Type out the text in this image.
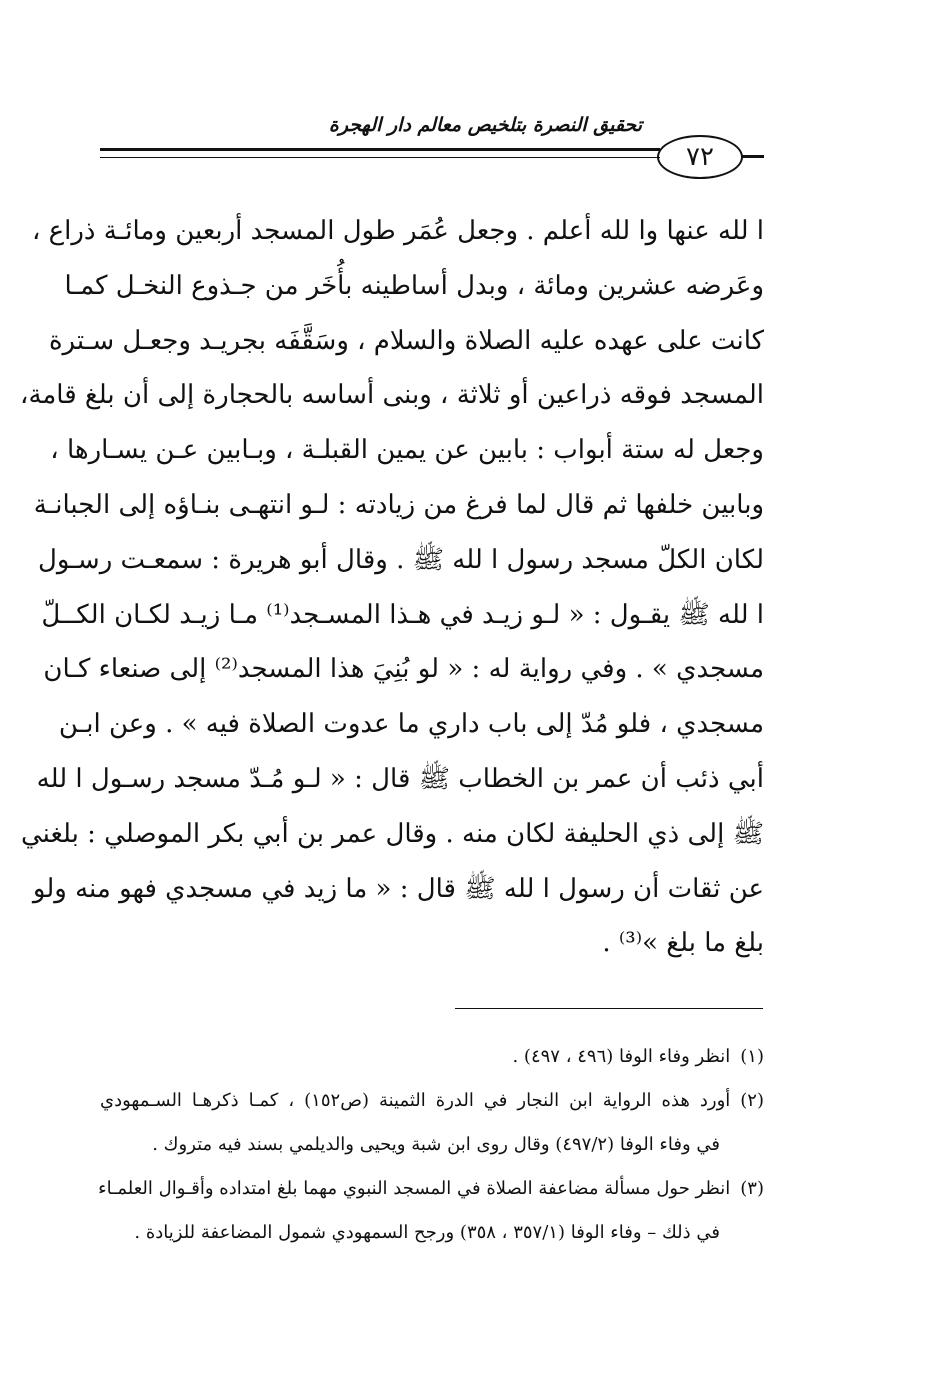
تحقيق النصرة بتلخيص معالم دار الهجرة
٧٢
ا لله عنها وا لله أعلم . وجعل عُمَر طول المسجد أربعين ومائـة ذراع ،
وعَرضه عشرين ومائة ، وبدل أساطينه بأُخَر من جـذوع النخـل كمـا
كانت على عهده عليه الصلاة والسلام ، وسَقَّفَه بجريـد وجعـل سـترة
المسجد فوقه ذراعين أو ثلاثة ، وبنى أساسه بالحجارة إلى أن بلغ قامة،
وجعل له ستة أبواب : بابين عن يمين القبلـة ، وبـابين عـن يسـارها ،
وبابين خلفها ثم قال لما فرغ من زيادته : لـو انتهـى بنـاؤه إلى الجبانـة
لكان الكلّ مسجد رسول ا لله ﷺ . وقال أبو هريرة : سمعـت رسـول
ا لله ﷺ يقـول : « لـو زيـد في هـذا المسـجد⁽¹⁾ مـا زيـد لكـان الكــلّ
مسجدي » . وفي رواية له : « لو بُنِيَ هذا المسجد⁽²⁾ إلى صنعاء كـان
مسجدي ، فلو مُدّ إلى باب داري ما عدوت الصلاة فيه » . وعن ابـن
أبي ذئب أن عمر بن الخطاب ﷺ قال : « لـو مُـدّ مسجد رسـول ا لله
ﷺ إلى ذي الحليفة لكان منه . وقال عمر بن أبي بكر الموصلي : بلغني
عن ثقات أن رسول ا لله ﷺ قال : « ما زيد في مسجدي فهو منه ولو
بلغ ما بلغ »⁽³⁾ .
(١)انظر وفاء الوفا (٤٩٦ ، ٤٩٧) .
(٢)أورد هذه الرواية ابن النجار في الدرة الثمينة (ص١٥٢) ، كمـا ذكرهـا السـمهودي
في وفاء الوفا (٤٩٧/٢) وقال روى ابن شبة ويحيى والديلمي بسند فيه متروك .
(٣)انظر حول مسألة مضاعفة الصلاة في المسجد النبوي مهما بلغ امتداده وأقـوال العلمـاء
في ذلك – وفاء الوفا (٣٥٧/١ ، ٣٥٨) ورجح السمهودي شمول المضاعفة للزيادة .
